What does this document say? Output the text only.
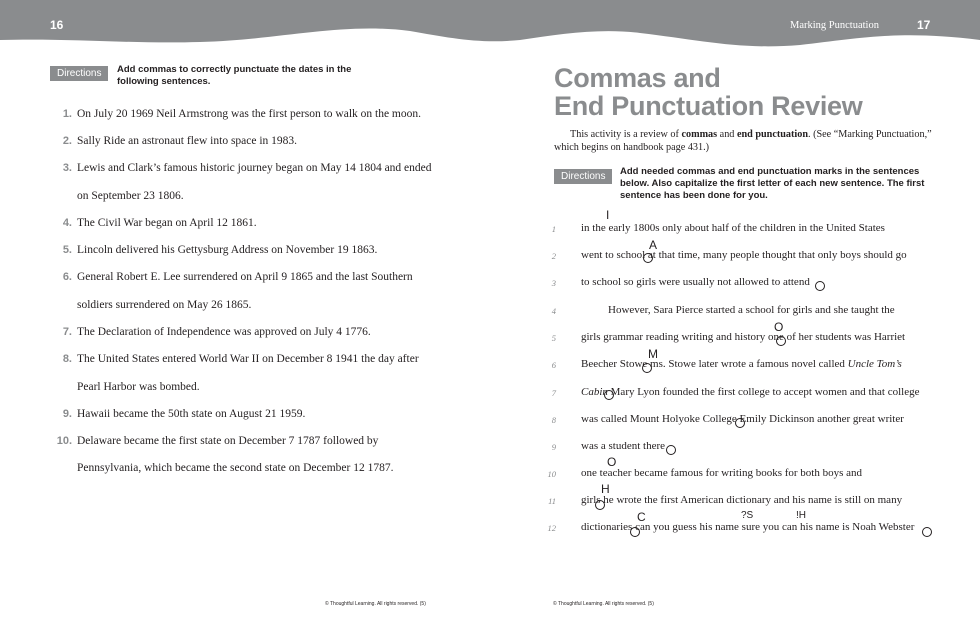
16	Marking Punctuation	17
Directions	Add commas to correctly punctuate the dates in the
following sentences.
1. On July 20 1969 Neil Armstrong was the first person to walk on the moon.
2. Sally Ride an astronaut flew into space in 1983.
3. Lewis and Clark’s famous historic journey began on May 14 1804 and ended
on September 23 1806.
4. The Civil War began on April 12 1861.
5. Lincoln delivered his Gettysburg Address on November 19 1863.
6. General Robert E. Lee surrendered on April 9 1865 and the last Southern
soldiers surrendered on May 26 1865.
7. The Declaration of Independence was approved on July 4 1776.
8. The United States entered World War II on December 8 1941 the day after
Pearl Harbor was bombed.
9. Hawaii became the 50th state on August 21 1959.
10. Delaware became the first state on December 7 1787 followed by
Pennsylvania, which became the second state on December 12 1787.
© Thoughtful Learning. All rights reserved. (5)
Commas and
End Punctuation Review
This activity is a review of commas and end punctuation. (See “Marking Punctuation,”
which begins on handbook page 431.)
Directions	Add needed commas and end punctuation marks in the sentences
below. Also capitalize the first letter of each new sentence. The first
sentence has been done for you.
1 in the early 1800s only about half of the children in the United States
2 went to school at that time, many people thought that only boys should go
3 to school so girls were usually not allowed to attend
4	However, Sara Pierce started a school for girls and she taught the
5 girls grammar reading writing and history one of her students was Harriet
6 Beecher Stowe ms. Stowe later wrote a famous novel called Uncle Tom’s
7 Cabin Mary Lyon founded the first college to accept women and that college
8 was called Mount Holyoke College Emily Dickinson another great writer
9 was a student there
10 one teacher became famous for writing books for both boys and
11 girls he wrote the first American dictionary and his name is still on many
12 dictionaries can you guess his name sure you can his name is Noah Webster
I
A
O
M
O
H
C	?S	!H
© Thoughtful Learning. All rights reserved. (5)
